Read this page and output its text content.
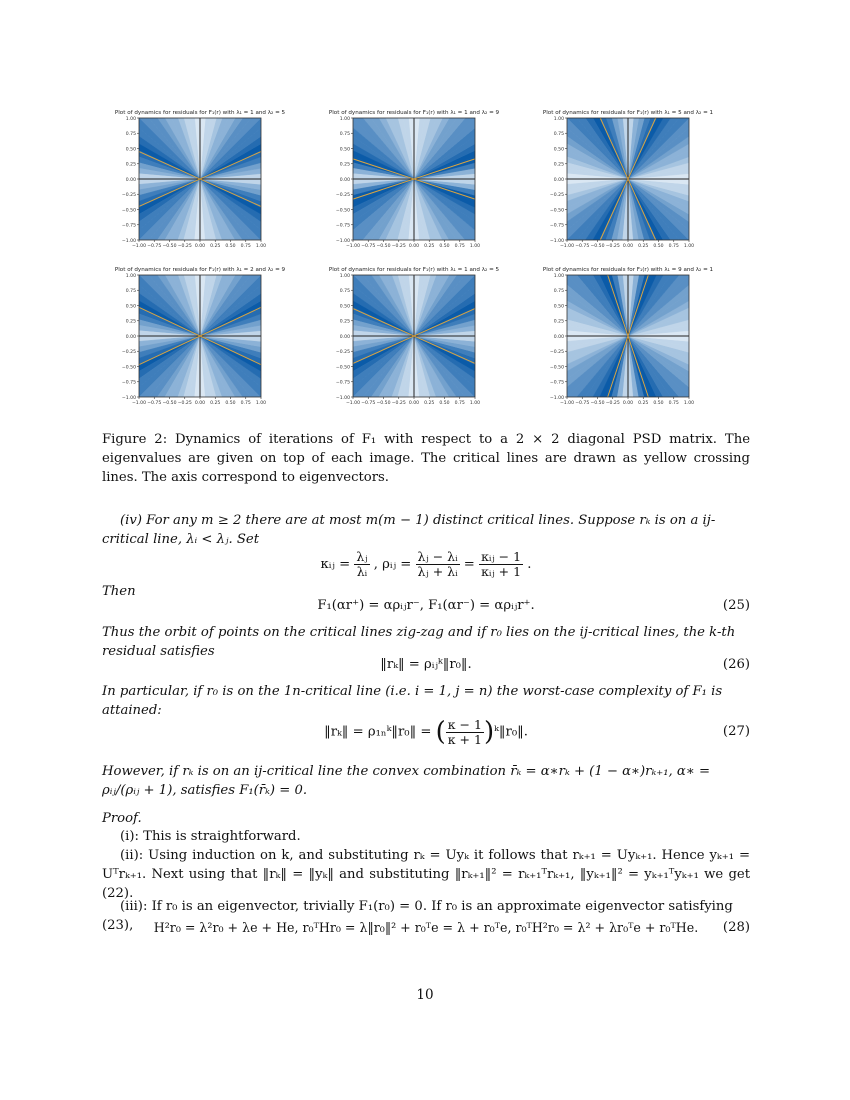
Plot of dynamics for residuals for F₁(r) with λ₁ = 1 and λ₂ = 5
1.00
0.75
0.50
0.25
0.00
−0.25
−0.50
−0.75
−1.00
−1.00 −0.75 −0.50 −0.25 0.00 0.25 0.50 0.75 1.00
Plot of dynamics for residuals for F₁(r) with λ₁ = 1 and λ₂ = 9
1.00
0.75
0.50
0.25
0.00
−0.25
−0.50
−0.75
−1.00
−1.00 −0.75 −0.50 −0.25 0.00 0.25 0.50 0.75 1.00
Plot of dynamics for residuals for F₁(r) with λ₁ = 5 and λ₂ = 1
1.00
0.75
0.50
0.25
0.00
−0.25
−0.50
−0.75
−1.00
−1.00 −0.75 −0.50 −0.25 0.00 0.25 0.50 0.75 1.00
Plot of dynamics for residuals for F₁(r) with λ₁ = 2 and λ₂ = 9
1.00
0.75
0.50
0.25
0.00
−0.25
−0.50
−0.75
−1.00
−1.00 −0.75 −0.50 −0.25 0.00 0.25 0.50 0.75 1.00
Plot of dynamics for residuals for F₁(r) with λ₁ = 1 and λ₂ = 5
1.00
0.75
0.50
0.25
0.00
−0.25
−0.50
−0.75
−1.00
−1.00 −0.75 −0.50 −0.25 0.00 0.25 0.50 0.75 1.00
Plot of dynamics for residuals for F₁(r) with λ₁ = 9 and λ₂ = 1
1.00
0.75
0.50
0.25
0.00
−0.25
−0.50
−0.75
−1.00
−1.00 −0.75 −0.50 −0.25 0.00 0.25 0.50 0.75 1.00
Figure 2: Dynamics of iterations of F₁ with respect to a 2 × 2 diagonal PSD matrix. The eigenvalues are given on top of each image. The critical lines are drawn as yellow crossing lines. The axis correspond to eigenvectors.
(iv) For any m ≥ 2 there are at most m(m − 1) distinct critical lines. Suppose rₖ is on a ij-critical line, λᵢ < λⱼ. Set
κᵢⱼ = $\frac{\text{λⱼ}}{\text{λᵢ}}$ , ρᵢⱼ = $\frac{\text{λⱼ − λᵢ}}{\text{λⱼ + λᵢ}} = \frac{\text{κᵢⱼ − 1}}{\text{κᵢⱼ + 1}}$ .
Then
F₁(αr⁺) = αρᵢⱼr⁻, F₁(αr⁻) = αρᵢⱼr⁺.	(25)
Thus the orbit of points on the critical lines zig-zag and if r₀ lies on the ij-critical lines, the k-th residual satisfies
‖rₖ‖ = ρᵢⱼᵏ‖r₀‖.	(26)
In particular, if r₀ is on the 1n-critical line (i.e. i = 1, j = n) the worst-case complexity of F₁ is attained:
‖rₖ‖ = ρ₁ₙᵏ‖r₀‖ = ( $\frac{\kappa - 1}{\kappa + 1}$ )ᵏ‖r₀‖.	(27)
However, if rₖ is on an ij-critical line the convex combination r̄ₖ = α∗rₖ + (1 − α∗)rₖ₊₁, α∗ = ρᵢⱼ/(ρᵢⱼ + 1), satisfies F₁(r̄ₖ) = 0.
Proof.
(i): This is straightforward.
(ii): Using induction on k, and substituting rₖ = Uyₖ it follows that rₖ₊₁ = Uyₖ₊₁. Hence yₖ₊₁ = Uᵀrₖ₊₁. Next using that ‖rₖ‖ = ‖yₖ‖ and substituting ‖rₖ₊₁‖² = rₖ₊₁ᵀrₖ₊₁, ‖yₖ₊₁‖² = yₖ₊₁ᵀyₖ₊₁ we get (22).
(iii): If r₀ is an eigenvector, trivially F₁(r₀) = 0. If r₀ is an approximate eigenvector satisfying (23),	H²r₀ = λ²r₀ + λe + He, r₀ᵀHr₀ = λ‖r₀‖² + r₀ᵀe = λ + r₀ᵀe, r₀ᵀH²r₀ = λ² + λr₀ᵀe + r₀ᵀHe.	(28)
10
